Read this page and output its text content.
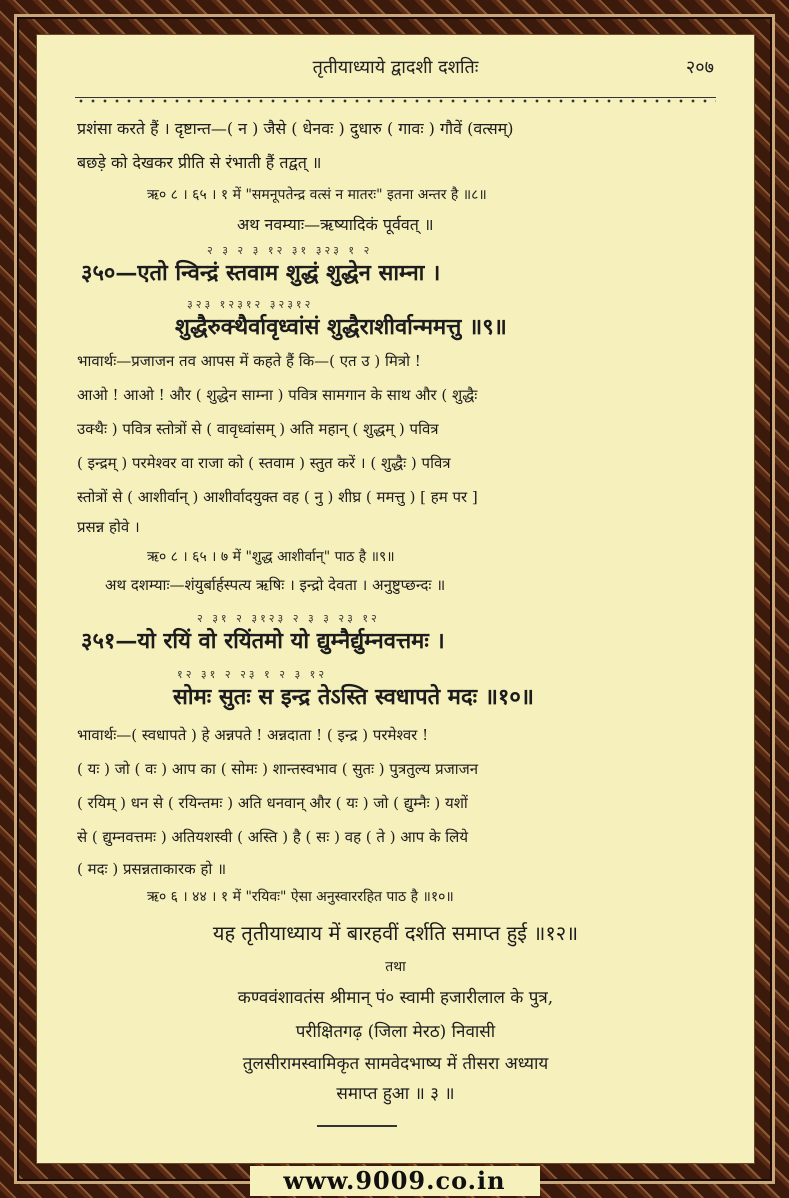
तृतीयाध्याये द्वादशी दशतिः	२०७
प्रशंसा करते हैं । दृष्टान्त—( न ) जैसे ( धेनवः ) दुधारु ( गावः ) गौवें (वत्सम्)
बछड़े को देखकर प्रीति से रंभाती हैं तद्वत् ॥
ऋ० ८ । ६५ । १ में "समनूपतेन्द्र वत्सं न मातरः" इतना अन्तर है ॥८॥
अथ नवम्याः—ऋष्यादिकं पूर्ववत् ॥
२ ३ २ ३ १२ ३१ ३२३ १ २
३५०—एतो न्विन्द्रं स्तवाम शुद्धं शुद्धेन साम्ना ।
३२३ १२३१२ ३२३१२
शुद्धैरुक्थैर्वावृध्वांसं शुद्धैराशीर्वान्ममत्तु ॥९॥
भावार्थः—प्रजाजन तव आपस में कहते हैं कि—( एत उ ) मित्रो !
आओ ! आओ ! और ( शुद्धेन साम्ना ) पवित्र सामगान के साथ और ( शुद्धैः
उक्थैः ) पवित्र स्तोत्रों से ( वावृध्वांसम् ) अति महान् ( शुद्धम् ) पवित्र
( इन्द्रम् ) परमेश्वर वा राजा को ( स्तवाम ) स्तुत करें । ( शुद्धैः ) पवित्र
स्तोत्रों से ( आशीर्वान् ) आशीर्वादयुक्त वह ( नु ) शीघ्र ( ममत्तु ) [ हम पर ]
प्रसन्न होवे ।
ऋ० ८ । ६५ । ७ में "शुद्ध आशीर्वान्" पाठ है ॥९॥
अथ दशम्याः—शंयुर्बार्हस्पत्य ऋषिः । इन्द्रो देवता । अनुष्टुप्छन्दः ॥
२ ३१ २ ३१२३ २ ३ ३ २३ १२
३५१—यो रयिं वो रयिंतमो यो द्युम्नैर्द्युम्नवत्तमः ।
१२ ३१ २ २३ १ २ ३ १२
सोमः सुतः स इन्द्र तेऽस्ति स्वधापते मदः ॥१०॥
भावार्थः—( स्वधापते ) हे अन्नपते ! अन्नदाता ! ( इन्द्र ) परमेश्वर !
( यः ) जो ( वः ) आप का ( सोमः ) शान्तस्वभाव ( सुतः ) पुत्रतुल्य प्रजाजन
( रयिम् ) धन से ( रयिन्तमः ) अति धनवान् और ( यः ) जो ( द्युम्नैः ) यशों
से ( द्युम्नवत्तमः ) अतियशस्वी ( अस्ति ) है ( सः ) वह ( ते ) आप के लिये
( मदः ) प्रसन्नताकारक हो ॥
ऋ० ६ । ४४ । १ में "रयिवः" ऐसा अनुस्वाररहित पाठ है ॥१०॥
यह तृतीयाध्याय में बारहवीं दर्शति समाप्त हुई ॥१२॥
तथा
कण्ववंशावतंस श्रीमान् पं० स्वामी हजारीलाल के पुत्र,
परीक्षितगढ़ (जिला मेरठ) निवासी
तुलसीरामस्वामिकृत सामवेदभाष्य में तीसरा अध्याय
समाप्त हुआ ॥ ३ ॥
www.9009.co.in
